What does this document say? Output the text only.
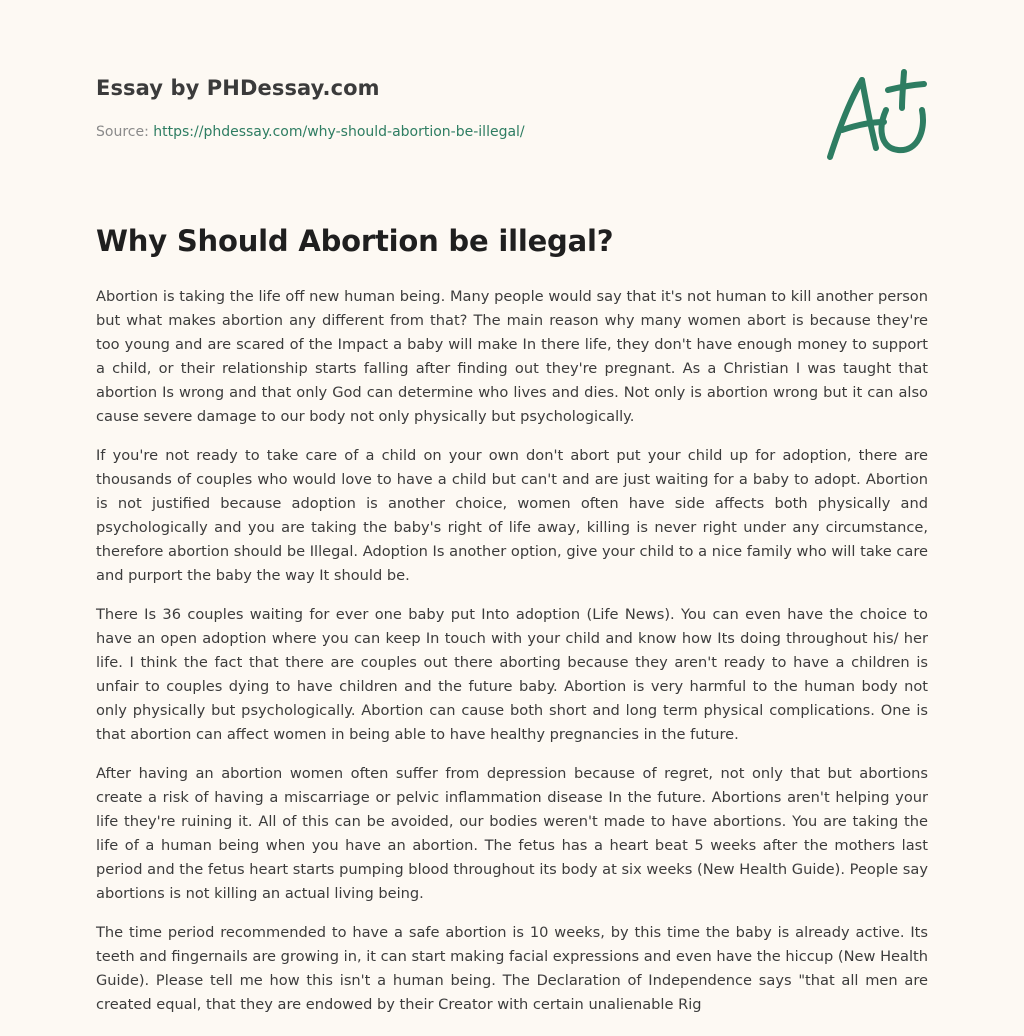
Essay by PHDessay.com
Source: https://phdessay.com/why-should-abortion-be-illegal/
Why Should Abortion be illegal?

Abortion is taking the life off new human being. Many people would say that it's not human to kill another person but what makes abortion any different from that? The main reason why many women abort is because they're too young and are scared of the Impact a baby will make In there life, they don't have enough money to support a child, or their relationship starts falling after finding out they're pregnant. As a Christian I was taught that abortion Is wrong and that only God can determine who lives and dies. Not only is abortion wrong but it can also cause severe damage to our body not only physically but psychologically.

If you're not ready to take care of a child on your own don't abort put your child up for adoption, there are thousands of couples who would love to have a child but can't and are just waiting for a baby to adopt. Abortion is not justified because adoption is another choice, women often have side affects both physically and psychologically and you are taking the baby's right of life away, killing is never right under any circumstance, therefore abortion should be Illegal. Adoption Is another option, give your child to a nice family who will take care and purport the baby the way It should be.

There Is 36 couples waiting for ever one baby put Into adoption (Life News). You can even have the choice to have an open adoption where you can keep In touch with your child and know how Its doing throughout his/ her life. I think the fact that there are couples out there aborting because they aren't ready to have a children is unfair to couples dying to have children and the future baby. Abortion is very harmful to the human body not only physically but psychologically. Abortion can cause both short and long term physical complications. One is that abortion can affect women in being able to have healthy pregnancies in the future.

After having an abortion women often suffer from depression because of regret, not only that but abortions create a risk of having a miscarriage or pelvic inflammation disease In the future. Abortions aren't helping your life they're ruining it. All of this can be avoided, our bodies weren't made to have abortions. You are taking the life of a human being when you have an abortion. The fetus has a heart beat 5 weeks after the mothers last period and the fetus heart starts pumping blood throughout its body at six weeks (New Health Guide). People say abortions is not killing an actual living being.

The time period recommended to have a safe abortion is 10 weeks, by this time the baby is already active. Its teeth and fingernails are growing in, it can start making facial expressions and even have the hiccup (New Health Guide). Please tell me how this isn't a human being. The Declaration of Independence says "that all men are created equal, that they are endowed by their Creator with certain unalienable Rig
